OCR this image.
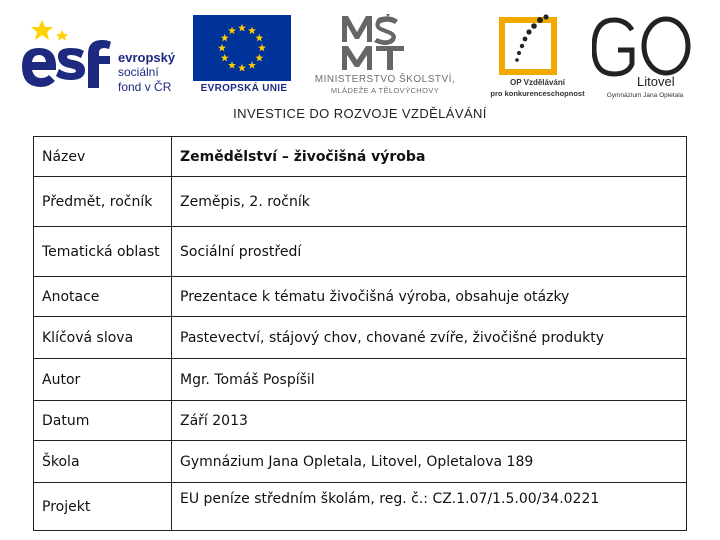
evropský
sociální
fond v ČR	EVROPSKÁ UNIE
MINISTERSTVO ŠKOLSTVÍ,
MLÁDEŽE A TĚLOVÝCHOVY
OP Vzdělávání
pro konkurenceschopnost
Litovel
Gymnázium Jana Opletala
INVESTICE DO ROZVOJE VZDĚLÁVÁNÍ
Název	Zemědělství – živočišná výroba
Předmět, ročník	Zeměpis, 2. ročník
Tematická oblast	Sociální prostředí
Anotace	Prezentace k tématu živočišná výroba, obsahuje otázky
Klíčová slova	Pastevectví, stájový chov, chované zvíře, živočišné produkty
Autor	Mgr. Tomáš Pospíšil
Datum	Září 2013
Škola	Gymnázium Jana Opletala, Litovel, Opletalova 189
Projekt	EU peníze středním školám, reg. č.: CZ.1.07/1.5.00/34.0221
